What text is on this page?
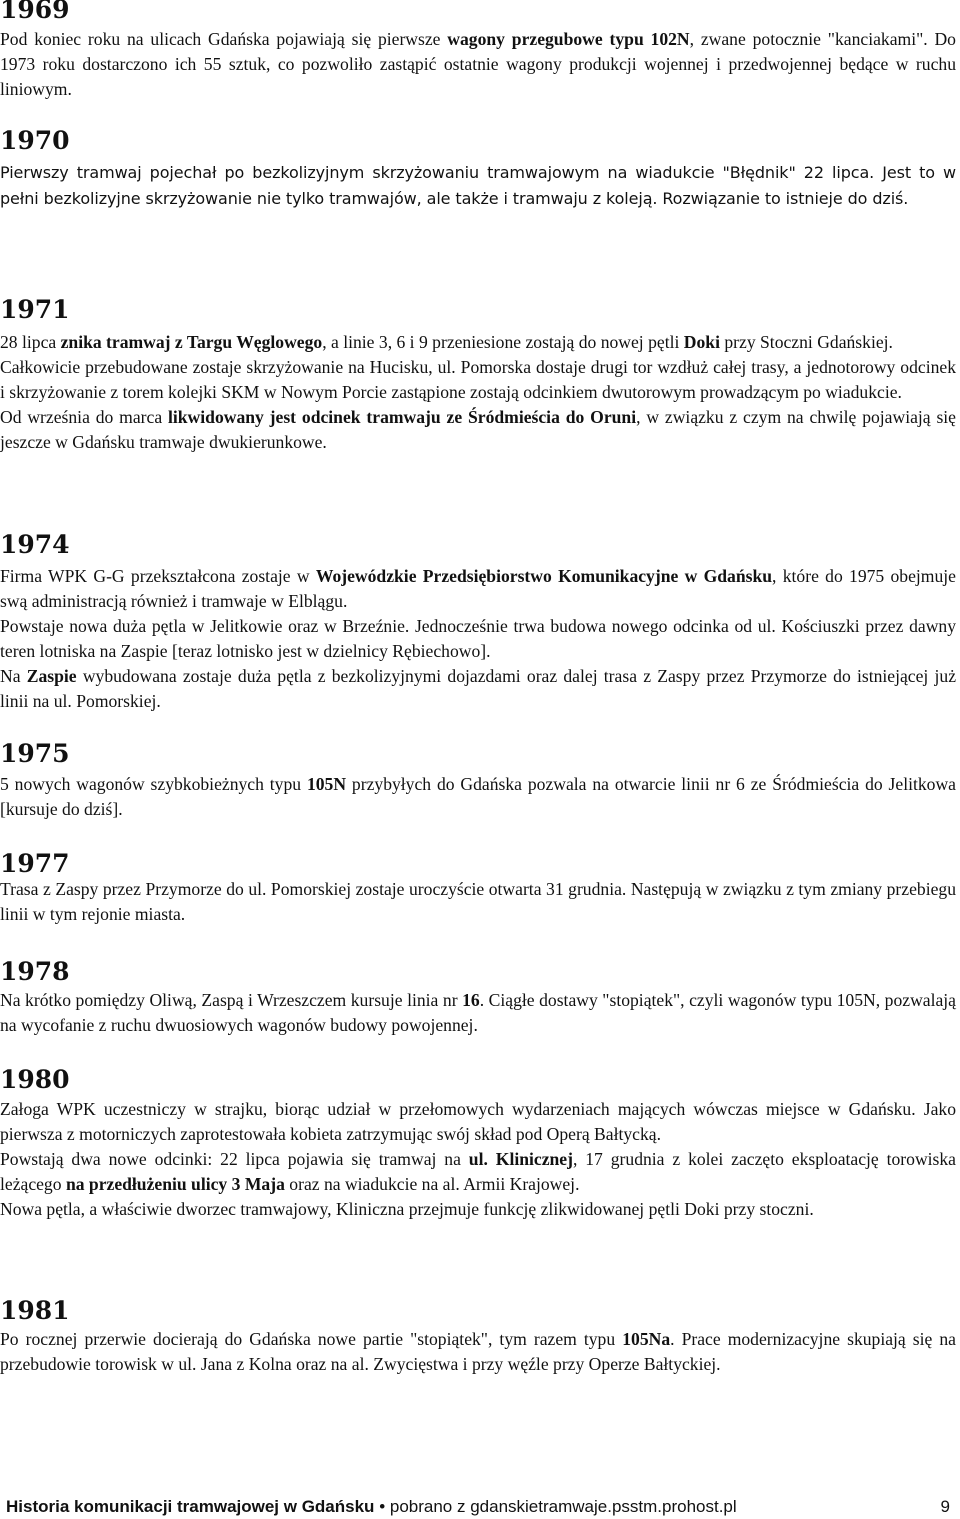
1969

Pod koniec roku na ulicach Gdańska pojawiają się pierwsze wagony przegubowe typu 102N, zwane potocznie "kanciakami". Do 1973 roku dostarczono ich 55 sztuk, co pozwoliło zastąpić ostatnie wagony produkcji wojennej i przedwojennej będące w ruchu liniowym.

1970

Pierwszy tramwaj pojechał po bezkolizyjnym skrzyżowaniu tramwajowym na wiadukcie "Błędnik" 22 lipca. Jest to w pełni bezkolizyjne skrzyżowanie nie tylko tramwajów, ale także i tramwaju z koleją. Rozwiązanie to istnieje do dziś.

1971

28 lipca znika tramwaj z Targu Węglowego, a linie 3, 6 i 9 przeniesione zostają do nowej pętli Doki przy Stoczni Gdańskiej.

Całkowicie przebudowane zostaje skrzyżowanie na Hucisku, ul. Pomorska dostaje drugi tor wzdłuż całej trasy, a jednotorowy odcinek i skrzyżowanie z torem kolejki SKM w Nowym Porcie zastąpione zostają odcinkiem dwutorowym prowadzącym po wiadukcie.

Od września do marca likwidowany jest odcinek tramwaju ze Śródmieścia do Oruni, w związku z czym na chwilę pojawiają się jeszcze w Gdańsku tramwaje dwukierunkowe.

1974

Firma WPK G-G przekształcona zostaje w Wojewódzkie Przedsiębiorstwo Komunikacyjne w Gdańsku, które do 1975 obejmuje swą administracją również i tramwaje w Elblągu.

Powstaje nowa duża pętla w Jelitkowie oraz w Brzeźnie. Jednocześnie trwa budowa nowego odcinka od ul. Kościuszki przez dawny teren lotniska na Zaspie [teraz lotnisko jest w dzielnicy Rębiechowo].

Na Zaspie wybudowana zostaje duża pętla z bezkolizyjnymi dojazdami oraz dalej trasa z Zaspy przez Przymorze do istniejącej już linii na ul. Pomorskiej.

1975

5 nowych wagonów szybkobieżnych typu 105N przybyłych do Gdańska pozwala na otwarcie linii nr 6 ze Śródmieścia do Jelitkowa [kursuje do dziś].

1977

Trasa z Zaspy przez Przymorze do ul. Pomorskiej zostaje uroczyście otwarta 31 grudnia. Następują w związku z tym zmiany przebiegu linii w tym rejonie miasta.

1978

Na krótko pomiędzy Oliwą, Zaspą i Wrzeszczem kursuje linia nr 16. Ciągłe dostawy "stopiątek", czyli wagonów typu 105N, pozwalają na wycofanie z ruchu dwuosiowych wagonów budowy powojennej.

1980

Załoga WPK uczestniczy w strajku, biorąc udział w przełomowych wydarzeniach mających wówczas miejsce w Gdańsku. Jako pierwsza z motorniczych zaprotestowała kobieta zatrzymując swój skład pod Operą Bałtycką.

Powstają dwa nowe odcinki: 22 lipca pojawia się tramwaj na ul. Klinicznej, 17 grudnia z kolei zaczęto eksploatację torowiska leżącego na przedłużeniu ulicy 3 Maja oraz na wiadukcie na al. Armii Krajowej.

Nowa pętla, a właściwie dworzec tramwajowy, Kliniczna przejmuje funkcję zlikwidowanej pętli Doki przy stoczni.

1981

Po rocznej przerwie docierają do Gdańska nowe partie "stopiątek", tym razem typu 105Na. Prace modernizacyjne skupiają się na przebudowie torowisk w ul. Jana z Kolna oraz na al. Zwycięstwa i przy węźle przy Operze Bałtyckiej.

Historia komunikacji tramwajowej w Gdańsku • pobrano z gdanskietramwaje.psstm.prohost.pl	9
